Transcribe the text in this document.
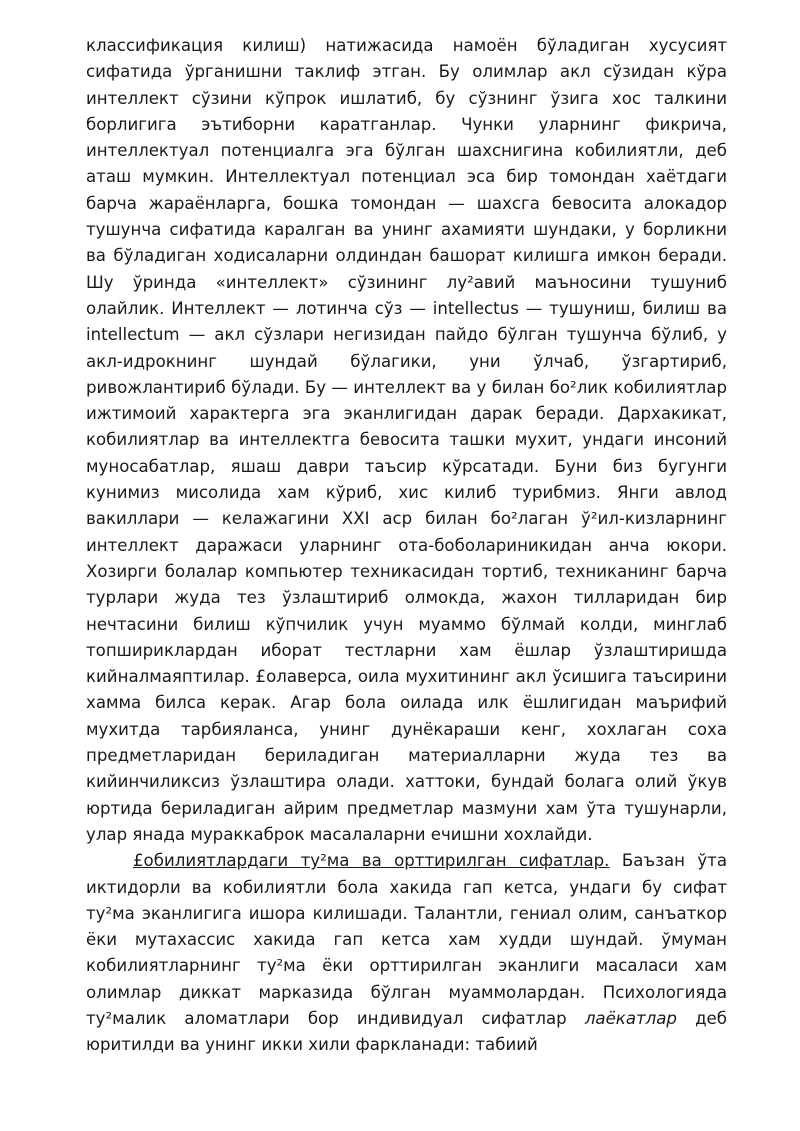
классификация килиш) натижасида намоён бўладиган хусусият сифатида ўрганишни таклиф этган. Бу олимлар акл сўзидан кўра интеллект сўзини кўпрок ишлатиб, бу сўзнинг ўзига хос талкини борлигига эътиборни каратганлар. Чунки уларнинг фикрича, интеллектуал потенциалга эга бўлган шахснигина кобилиятли, деб аташ мумкин. Интеллектуал потенциал эса бир томондан хаётдаги барча жараёнларга, бошка томондан — шахсга бевосита алокадор тушунча сифатида каралган ва унинг ахамияти шундаки, у борликни ва бўладиган ходисаларни олдиндан башорат килишга имкон беради. Шу ўринда «интеллект» сўзининг лу²авий маъносини тушуниб олайлик. Интеллект — лотинча сўз — intellectus — тушуниш, билиш ва intellectum — акл сўзлари негизидан пайдо бўлган тушунча бўлиб, у акл-идрокнинг шундай бўлагики, уни ўлчаб, ўзгартириб, ривожлантириб бўлади. Бу — интеллект ва у билан бо²лик кобилиятлар ижтимоий характерга эга эканлигидан дарак беради. Дархакикат, кобилиятлар ва интеллектга бевосита ташки мухит, ундаги инсоний муносабатлар, яшаш даври таъсир кўрсатади. Буни биз бугунги кунимиз мисолида хам кўриб, хис килиб турибмиз. Янги авлод вакиллари — келажагини XXI аср билан бо²лаган ў²ил-кизларнинг интеллект даражаси уларнинг ота-боболариникидан анча юкори. Хозирги болалар компьютер техникасидан тортиб, техниканинг барча турлари жуда тез ўзлаштириб олмокда, жахон тилларидан бир нечтасини билиш кўпчилик учун муаммо бўлмай колди, минглаб топшириклардан иборат тестларни хам ёшлар ўзлаштиришда кийналмаяптилар. £олаверса, оила мухитининг акл ўсишига таъсирини хамма билса керак. Агар бола оилада илк ёшлигидан маърифий мухитда тарбияланса, унинг дунёкараши кенг, хохлаган соха предметларидан бериладиган материалларни жуда тез ва кийинчиликсиз ўзлаштира олади. хаттоки, бундай болага олий ўкув юртида бериладиган айрим предметлар мазмуни хам ўта тушунарли, улар янада мураккаброк масалаларни ечишни хохлайди.

£обилиятлардаги ту²ма ва орттирилган сифатлар. Баъзан ўта иктидорли ва кобилиятли бола хакида гап кетса, ундаги бу сифат ту²ма эканлигига ишора килишади. Талантли, гениал олим, санъаткор ёки мутахассис хакида гап кетса хам худди шундай. ўмуман кобилиятларнинг ту²ма ёки орттирилган эканлиги масаласи хам олимлар диккат марказида бўлган муаммолардан. Психологияда ту²малик аломатлари бор индивидуал сифатлар лаёкатлар деб юритилди ва унинг икки хили фаркланади: табиий
